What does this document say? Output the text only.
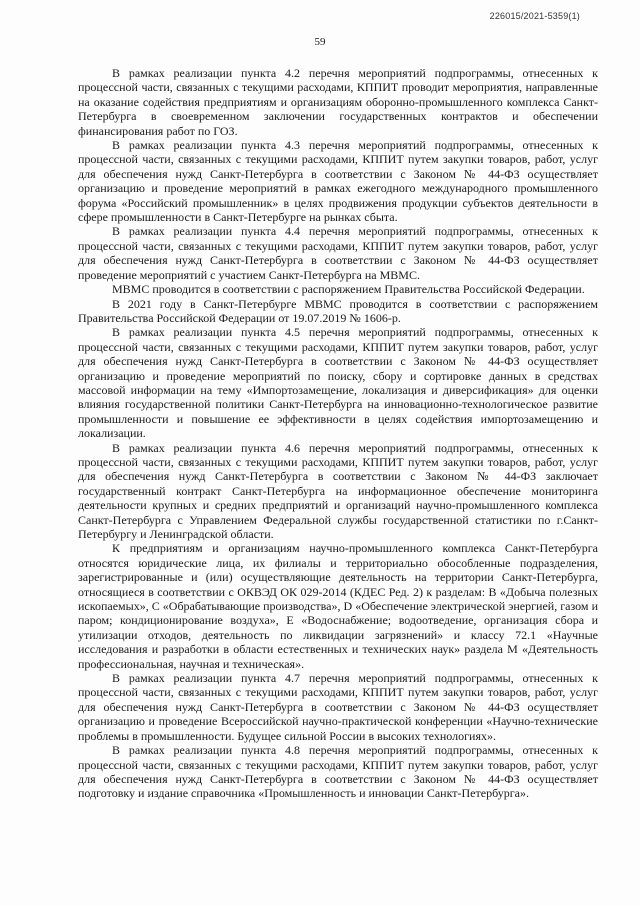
226015/2021-5359(1)
59

В рамках реализации пункта 4.2 перечня мероприятий подпрограммы, отнесенных к процессной части, связанных с текущими расходами, КППИТ проводит мероприятия, направленные на оказание содействия предприятиям и организациям оборонно-промышленного комплекса Санкт-Петербурга в своевременном заключении государственных контрактов и обеспечении финансирования работ по ГОЗ.

В рамках реализации пункта 4.3 перечня мероприятий подпрограммы, отнесенных к процессной части, связанных с текущими расходами, КППИТ путем закупки товаров, работ, услуг для обеспечения нужд Санкт-Петербурга в соответствии с Законом № 44-ФЗ осуществляет организацию и проведение мероприятий в рамках ежегодного международного промышленного форума «Российский промышленник» в целях продвижения продукции субъектов деятельности в сфере промышленности в Санкт-Петербурге на рынках сбыта.

В рамках реализации пункта 4.4 перечня мероприятий подпрограммы, отнесенных к процессной части, связанных с текущими расходами, КППИТ путем закупки товаров, работ, услуг для обеспечения нужд Санкт-Петербурга в соответствии с Законом № 44-ФЗ осуществляет проведение мероприятий с участием Санкт-Петербурга на МВМС.

МВМС проводится в соответствии с распоряжением Правительства Российской Федерации.

В 2021 году в Санкт-Петербурге МВМС проводится в соответствии с распоряжением Правительства Российской Федерации от 19.07.2019 № 1606-р.

В рамках реализации пункта 4.5 перечня мероприятий подпрограммы, отнесенных к процессной части, связанных с текущими расходами, КППИТ путем закупки товаров, работ, услуг для обеспечения нужд Санкт-Петербурга в соответствии с Законом № 44-ФЗ осуществляет организацию и проведение мероприятий по поиску, сбору и сортировке данных в средствах массовой информации на тему «Импортозамещение, локализация и диверсификация» для оценки влияния государственной политики Санкт-Петербурга на инновационно-технологическое развитие промышленности и повышение ее эффективности в целях содействия импортозамещению и локализации.

В рамках реализации пункта 4.6 перечня мероприятий подпрограммы, отнесенных к процессной части, связанных с текущими расходами, КППИТ путем закупки товаров, работ, услуг для обеспечения нужд Санкт-Петербурга в соответствии с Законом № 44-ФЗ заключает государственный контракт Санкт-Петербурга на информационное обеспечение мониторинга деятельности крупных и средних предприятий и организаций научно-промышленного комплекса Санкт-Петербурга с Управлением Федеральной службы государственной статистики по г.Санкт-Петербургу и Ленинградской области.

К предприятиям и организациям научно-промышленного комплекса Санкт-Петербурга относятся юридические лица, их филиалы и территориально обособленные подразделения, зарегистрированные и (или) осуществляющие деятельность на территории Санкт-Петербурга, относящиеся в соответствии с ОКВЭД ОК 029-2014 (КДЕС Ред. 2) к разделам: В «Добыча полезных ископаемых», С «Обрабатывающие производства», D «Обеспечение электрической энергией, газом и паром; кондиционирование воздуха», Е «Водоснабжение; водоотведение, организация сбора и утилизации отходов, деятельность по ликвидации загрязнений» и классу 72.1 «Научные исследования и разработки в области естественных и технических наук» раздела М «Деятельность профессиональная, научная и техническая».

В рамках реализации пункта 4.7 перечня мероприятий подпрограммы, отнесенных к процессной части, связанных с текущими расходами, КППИТ путем закупки товаров, работ, услуг для обеспечения нужд Санкт-Петербурга в соответствии с Законом № 44-ФЗ осуществляет организацию и проведение Всероссийской научно-практической конференции «Научно-технические проблемы в промышленности. Будущее сильной России в высоких технологиях».

В рамках реализации пункта 4.8 перечня мероприятий подпрограммы, отнесенных к процессной части, связанных с текущими расходами, КППИТ путем закупки товаров, работ, услуг для обеспечения нужд Санкт-Петербурга в соответствии с Законом № 44-ФЗ осуществляет подготовку и издание справочника «Промышленность и инновации Санкт-Петербурга».
